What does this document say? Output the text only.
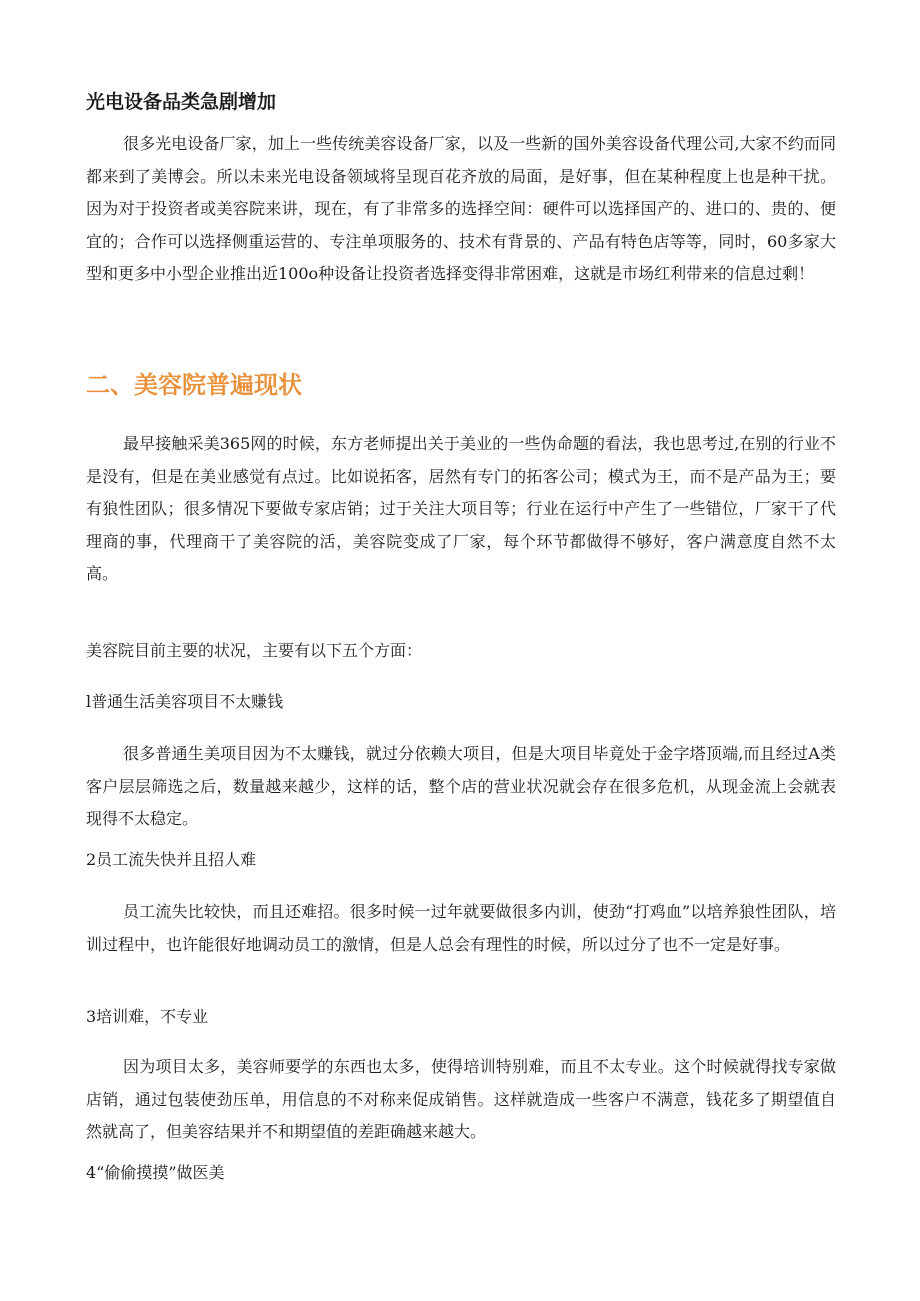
光电设备品类急剧增加

很多光电设备厂家，加上一些传统美容设备厂家，以及一些新的国外美容设备代理公司,大家不约而同都来到了美博会。所以未来光电设备领域将呈现百花齐放的局面，是好事，但在某种程度上也是种干扰。因为对于投资者或美容院来讲，现在，有了非常多的选择空间：硬件可以选择国产的、进口的、贵的、便宜的；合作可以选择侧重运营的、专注单项服务的、技术有背景的、产品有特色店等等，同时，60多家大型和更多中小型企业推出近100o种设备让投资者选择变得非常困难，这就是市场红利带来的信息过剩！

二、美容院普遍现状

最早接触采美365网的时候，东方老师提出关于美业的一些伪命题的看法，我也思考过,在别的行业不是没有，但是在美业感觉有点过。比如说拓客，居然有专门的拓客公司；模式为王，而不是产品为王；要有狼性团队；很多情况下要做专家店销；过于关注大项目等；行业在运行中产生了一些错位，厂家干了代理商的事，代理商干了美容院的活，美容院变成了厂家，每个环节都做得不够好，客户满意度自然不太高。

美容院目前主要的状况，主要有以下五个方面：

l普通生活美容项目不太赚钱

很多普通生美项目因为不太赚钱，就过分依赖大项目，但是大项目毕竟处于金字塔顶端,而且经过A类客户层层筛选之后，数量越来越少，这样的话，整个店的营业状况就会存在很多危机，从现金流上会就表现得不太稳定。

2员工流失快并且招人难

员工流失比较快，而且还难招。很多时候一过年就要做很多内训，使劲“打鸡血”以培养狼性团队，培训过程中，也许能很好地调动员工的激情，但是人总会有理性的时候，所以过分了也不一定是好事。

3培训难，不专业

因为项目太多，美容师要学的东西也太多，使得培训特别难，而且不太专业。这个时候就得找专家做店销，通过包装使劲压单，用信息的不对称来促成销售。这样就造成一些客户不满意，钱花多了期望值自然就高了，但美容结果并不和期望值的差距确越来越大。

4“偷偷摸摸”做医美
